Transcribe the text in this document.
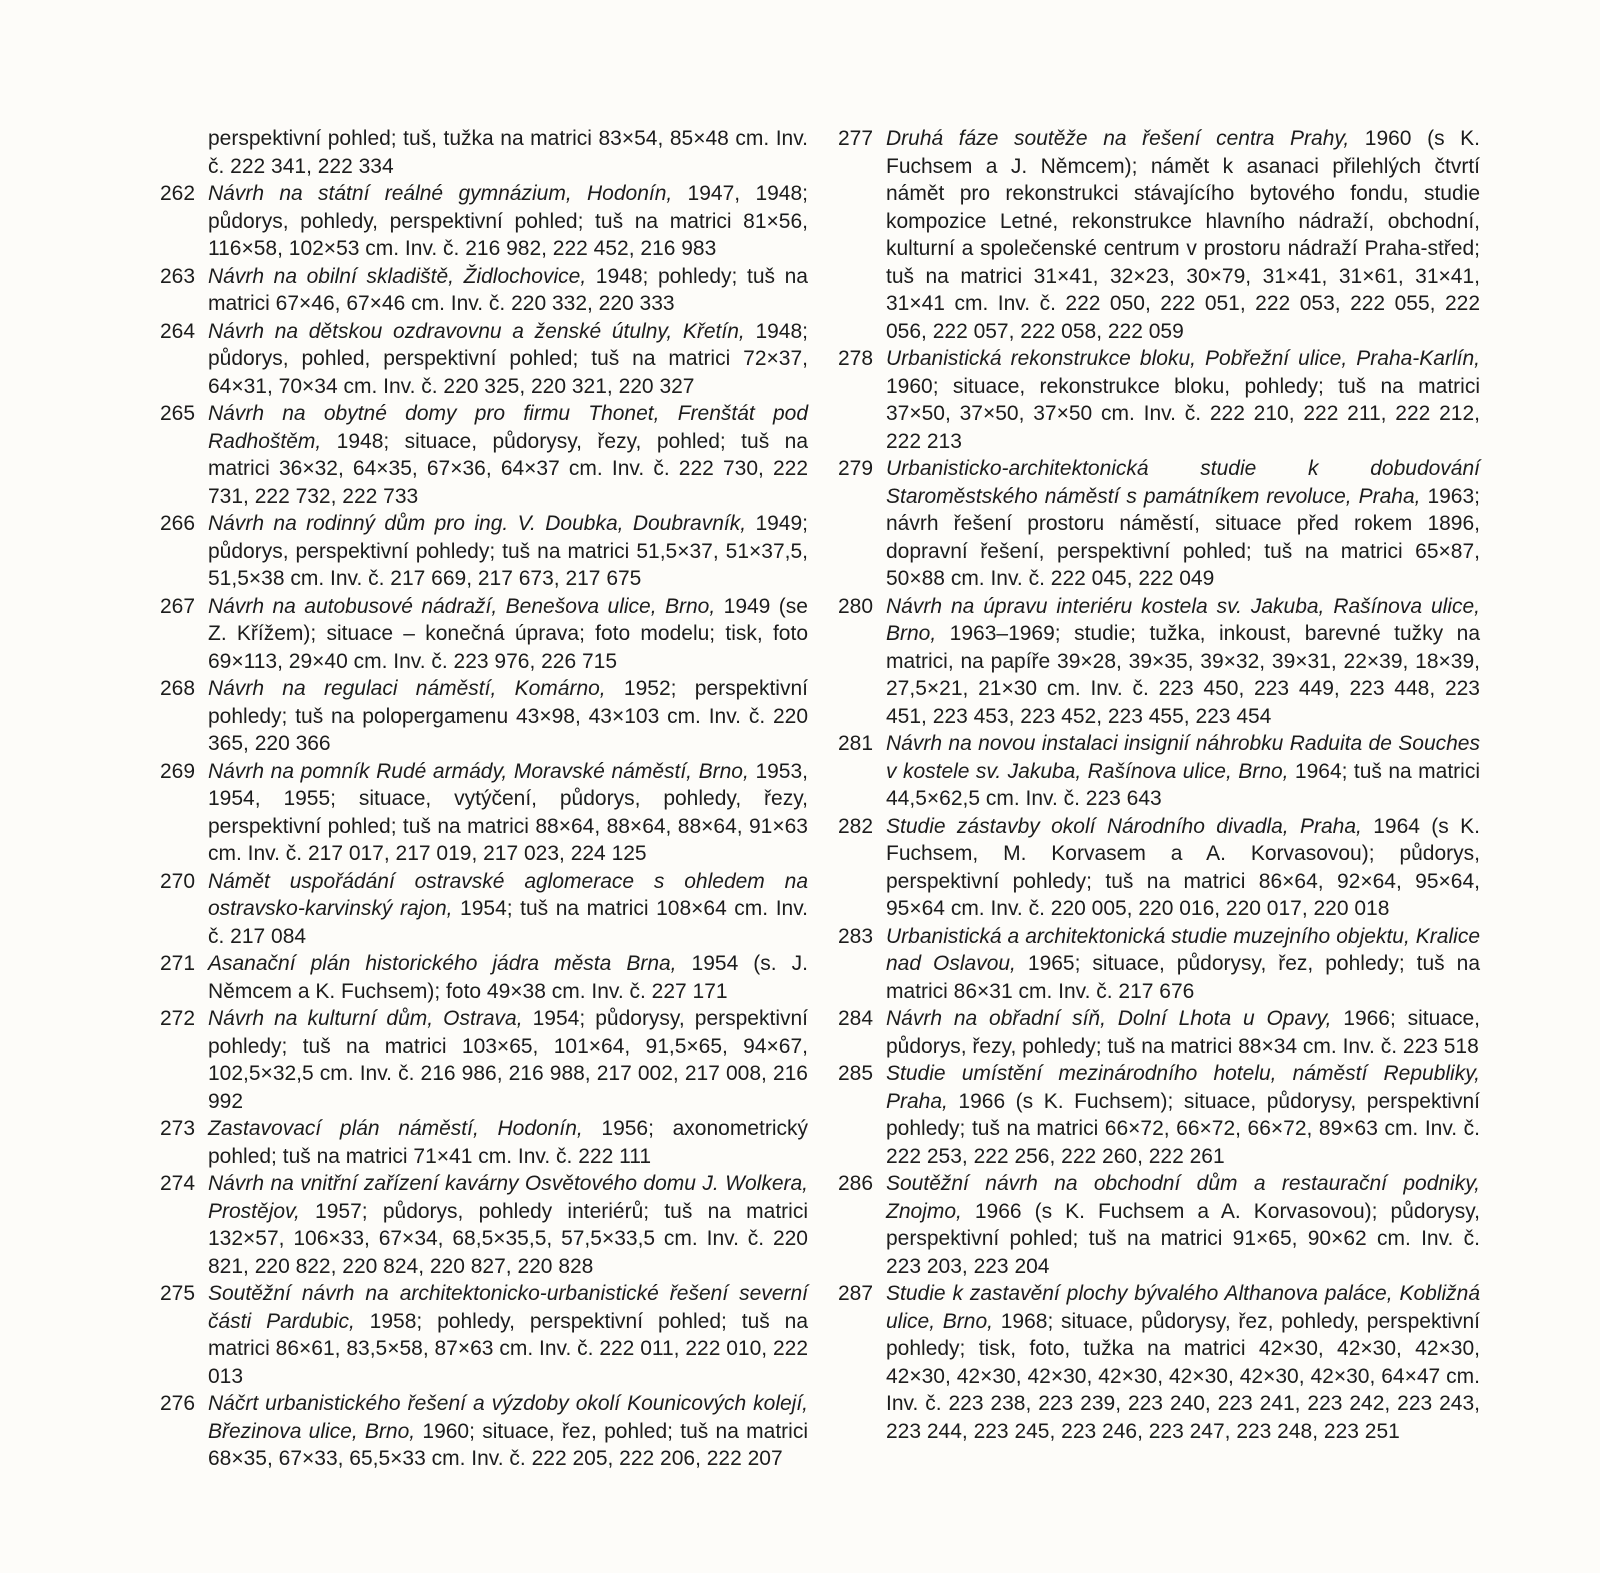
perspektivní pohled; tuš, tužka na matrici 83×54, 85×48 cm. Inv. č. 222 341, 222 334

262 Návrh na státní reálné gymnázium, Hodonín, 1947, 1948; půdorys, pohledy, perspektivní pohled; tuš na matrici 81×56, 116×58, 102×53 cm. Inv. č. 216 982, 222 452, 216 983

263 Návrh na obilní skladiště, Židlochovice, 1948; pohledy; tuš na matrici 67×46, 67×46 cm. Inv. č. 220 332, 220 333

264 Návrh na dětskou ozdravovnu a ženské útulny, Křetín, 1948; půdorys, pohled, perspektivní pohled; tuš na matrici 72×37, 64×31, 70×34 cm. Inv. č. 220 325, 220 321, 220 327

265 Návrh na obytné domy pro firmu Thonet, Frenštát pod Radhoštěm, 1948; situace, půdorysy, řezy, pohled; tuš na matrici 36×32, 64×35, 67×36, 64×37 cm. Inv. č. 222 730, 222 731, 222 732, 222 733

266 Návrh na rodinný dům pro ing. V. Doubka, Doubravník, 1949; půdorys, perspektivní pohledy; tuš na matrici 51,5×37, 51×37,5, 51,5×38 cm. Inv. č. 217 669, 217 673, 217 675

267 Návrh na autobusové nádraží, Benešova ulice, Brno, 1949 (se Z. Křížem); situace – konečná úprava; foto modelu; tisk, foto 69×113, 29×40 cm. Inv. č. 223 976, 226 715

268 Návrh na regulaci náměstí, Komárno, 1952; perspektivní pohledy; tuš na polopergamenu 43×98, 43×103 cm. Inv. č. 220 365, 220 366

269 Návrh na pomník Rudé armády, Moravské náměstí, Brno, 1953, 1954, 1955; situace, vytýčení, půdorys, pohledy, řezy, perspektivní pohled; tuš na matrici 88×64, 88×64, 88×64, 91×63 cm. Inv. č. 217 017, 217 019, 217 023, 224 125

270 Námět uspořádání ostravské aglomerace s ohledem na ostravsko-karvinský rajon, 1954; tuš na matrici 108×64 cm. Inv. č. 217 084

271 Asanační plán historického jádra města Brna, 1954 (s. J. Němcem a K. Fuchsem); foto 49×38 cm. Inv. č. 227 171

272 Návrh na kulturní dům, Ostrava, 1954; půdorysy, perspektivní pohledy; tuš na matrici 103×65, 101×64, 91,5×65, 94×67, 102,5×32,5 cm. Inv. č. 216 986, 216 988, 217 002, 217 008, 216 992

273 Zastavovací plán náměstí, Hodonín, 1956; axonometrický pohled; tuš na matrici 71×41 cm. Inv. č. 222 111

274 Návrh na vnitřní zařízení kavárny Osvětového domu J. Wolkera, Prostějov, 1957; půdorys, pohledy interiérů; tuš na matrici 132×57, 106×33, 67×34, 68,5×35,5, 57,5×33,5 cm. Inv. č. 220 821, 220 822, 220 824, 220 827, 220 828

275 Soutěžní návrh na architektonicko-urbanistické řešení severní části Pardubic, 1958; pohledy, perspektivní pohled; tuš na matrici 86×61, 83,5×58, 87×63 cm. Inv. č. 222 011, 222 010, 222 013

276 Náčrt urbanistického řešení a výzdoby okolí Kounicových kolejí, Březinova ulice, Brno, 1960; situace, řez, pohled; tuš na matrici 68×35, 67×33, 65,5×33 cm. Inv. č. 222 205, 222 206, 222 207

277 Druhá fáze soutěže na řešení centra Prahy, 1960 (s K. Fuchsem a J. Němcem); námět k asanaci přilehlých čtvrtí námět pro rekonstrukci stávajícího bytového fondu, studie kompozice Letné, rekonstrukce hlavního nádraží, obchodní, kulturní a společenské centrum v prostoru nádraží Praha-střed; tuš na matrici 31×41, 32×23, 30×79, 31×41, 31×61, 31×41, 31×41 cm. Inv. č. 222 050, 222 051, 222 053, 222 055, 222 056, 222 057, 222 058, 222 059

278 Urbanistická rekonstrukce bloku, Pobřežní ulice, Praha-Karlín, 1960; situace, rekonstrukce bloku, pohledy; tuš na matrici 37×50, 37×50, 37×50 cm. Inv. č. 222 210, 222 211, 222 212, 222 213

279 Urbanisticko-architektonická studie k dobudování Staroměstského náměstí s památníkem revoluce, Praha, 1963; návrh řešení prostoru náměstí, situace před rokem 1896, dopravní řešení, perspektivní pohled; tuš na matrici 65×87, 50×88 cm. Inv. č. 222 045, 222 049

280 Návrh na úpravu interiéru kostela sv. Jakuba, Rašínova ulice, Brno, 1963–1969; studie; tužka, inkoust, barevné tužky na matrici, na papíře 39×28, 39×35, 39×32, 39×31, 22×39, 18×39, 27,5×21, 21×30 cm. Inv. č. 223 450, 223 449, 223 448, 223 451, 223 453, 223 452, 223 455, 223 454

281 Návrh na novou instalaci insignií náhrobku Raduita de Souches v kostele sv. Jakuba, Rašínova ulice, Brno, 1964; tuš na matrici 44,5×62,5 cm. Inv. č. 223 643

282 Studie zástavby okolí Národního divadla, Praha, 1964 (s K. Fuchsem, M. Korvasem a A. Korvasovou); půdorys, perspektivní pohledy; tuš na matrici 86×64, 92×64, 95×64, 95×64 cm. Inv. č. 220 005, 220 016, 220 017, 220 018

283 Urbanistická a architektonická studie muzejního objektu, Kralice nad Oslavou, 1965; situace, půdorysy, řez, pohledy; tuš na matrici 86×31 cm. Inv. č. 217 676

284 Návrh na obřadní síň, Dolní Lhota u Opavy, 1966; situace, půdorys, řezy, pohledy; tuš na matrici 88×34 cm. Inv. č. 223 518

285 Studie umístění mezinárodního hotelu, náměstí Republiky, Praha, 1966 (s K. Fuchsem); situace, půdorysy, perspektivní pohledy; tuš na matrici 66×72, 66×72, 66×72, 89×63 cm. Inv. č. 222 253, 222 256, 222 260, 222 261

286 Soutěžní návrh na obchodní dům a restaurační podniky, Znojmo, 1966 (s K. Fuchsem a A. Korvasovou); půdorysy, perspektivní pohled; tuš na matrici 91×65, 90×62 cm. Inv. č. 223 203, 223 204

287 Studie k zastavění plochy bývalého Althanova paláce, Kobližná ulice, Brno, 1968; situace, půdorysy, řez, pohledy, perspektivní pohledy; tisk, foto, tužka na matrici 42×30, 42×30, 42×30, 42×30, 42×30, 42×30, 42×30, 42×30, 42×30, 42×30, 64×47 cm. Inv. č. 223 238, 223 239, 223 240, 223 241, 223 242, 223 243, 223 244, 223 245, 223 246, 223 247, 223 248, 223 251
